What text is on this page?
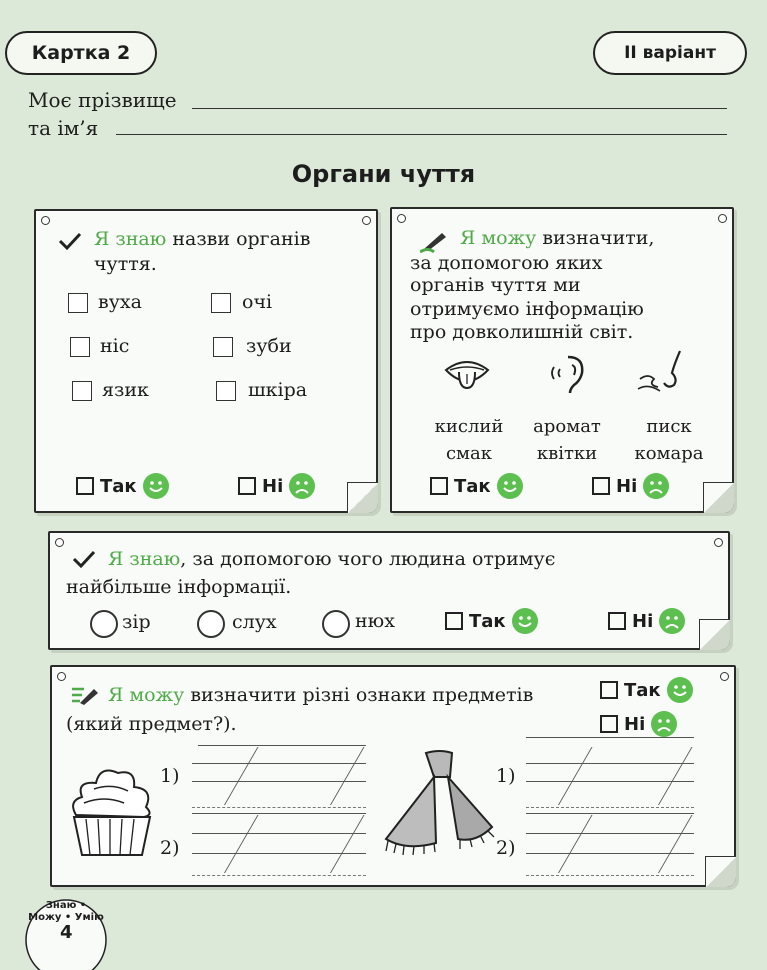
Картка 2	II варіант
Моє прізвище
та ім’я
Органи чуття
Я знаю назви органів чуття.
вуха	очі
ніс	зуби
язик	шкіра
Так	Ні
Я можу визначити,
за допомогою яких
органів чуття ми
отримуємо інформацію
про довколишній світ.
кислий
смак
аромат
квітки
писк
комара
Так	Ні
Я знаю, за допомогою чого людина отримує
найбільше інформації.
зір	слух	нюх	Так	Ні
Я можу визначити різні ознаки предметів
(який предмет?).
Так
Ні
1)
2)
1)
2)
Знаю • Можу • Умію
4
